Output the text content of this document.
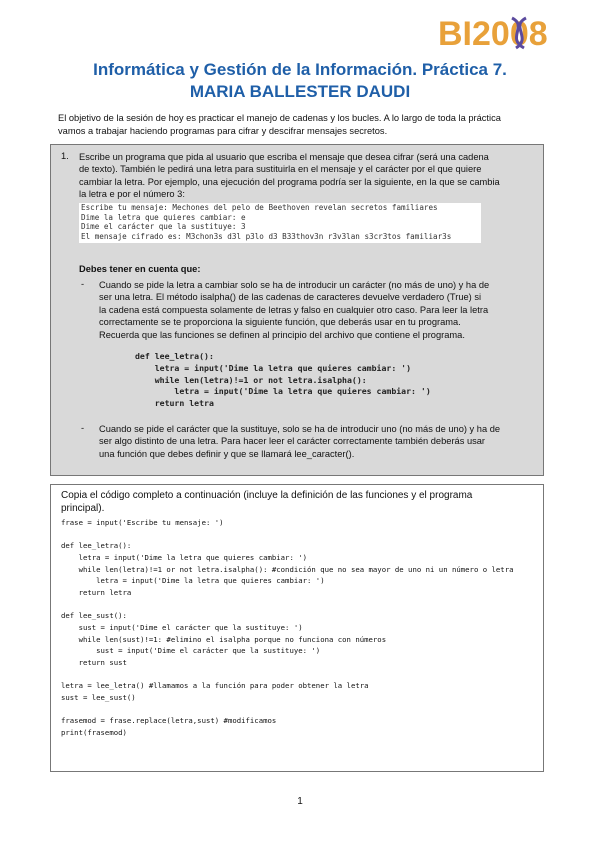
BI2008
Informática y Gestión de la Información. Práctica 7.
MARIA BALLESTER DAUDI
El objetivo de la sesión de hoy es practicar el manejo de cadenas y los bucles. A lo largo de toda la práctica
vamos a trabajar haciendo programas para cifrar y descifrar mensajes secretos.
1. Escribe un programa que pida al usuario que escriba el mensaje que desea cifrar (será una cadena
de texto). También le pedirá una letra para sustituirla en el mensaje y el carácter por el que quiere
cambiar la letra. Por ejemplo, una ejecución del programa podría ser la siguiente, en la que se cambia
la letra e por el número 3:
Escribe tu mensaje: Mechones del pelo de Beethoven revelan secretos familiares
Dime la letra que quieres cambiar: e
Dime el carácter que la sustituye: 3
El mensaje cifrado es: M3chon3s d3l p3lo d3 B33thov3n r3v3lan s3cr3tos familiar3s
Debes tener en cuenta que:
- Cuando se pide la letra a cambiar solo se ha de introducir un carácter (no más de uno) y ha de
ser una letra. El método isalpha() de las cadenas de caracteres devuelve verdadero (True) si
la cadena está compuesta solamente de letras y falso en cualquier otro caso. Para leer la letra
correctamente se te proporciona la siguiente función, que deberás usar en tu programa.
Recuerda que las funciones se definen al principio del archivo que contiene el programa.
def lee_letra():
letra = input('Dime la letra que quieres cambiar: ')
while len(letra)!=1 or not letra.isalpha():
letra = input('Dime la letra que quieres cambiar: ')
return letra
- Cuando se pide el carácter que la sustituye, solo se ha de introducir uno (no más de uno) y ha de
ser algo distinto de una letra. Para hacer leer el carácter correctamente también deberás usar
una función que debes definir y que se llamará lee_caracter().
Copia el código completo a continuación (incluye la definición de las funciones y el programa
principal).
frase = input('Escribe tu mensaje: ')
def lee_letra():
letra = input('Dime la letra que quieres cambiar: ')
while len(letra)!=1 or not letra.isalpha(): #condición que no sea mayor de uno ni un número o letra
letra = input('Dime la letra que quieres cambiar: ')
return letra
def lee_sust():
sust = input('Dime el carácter que la sustituye: ')
while len(sust)!=1: #elimino el isalpha porque no funciona con números
sust = input('Dime el carácter que la sustituye: ')
return sust
letra = lee_letra() #llamamos a la función para poder obtener la letra
sust = lee_sust()
frasemod = frase.replace(letra,sust) #modificamos
print(frasemod)
1
